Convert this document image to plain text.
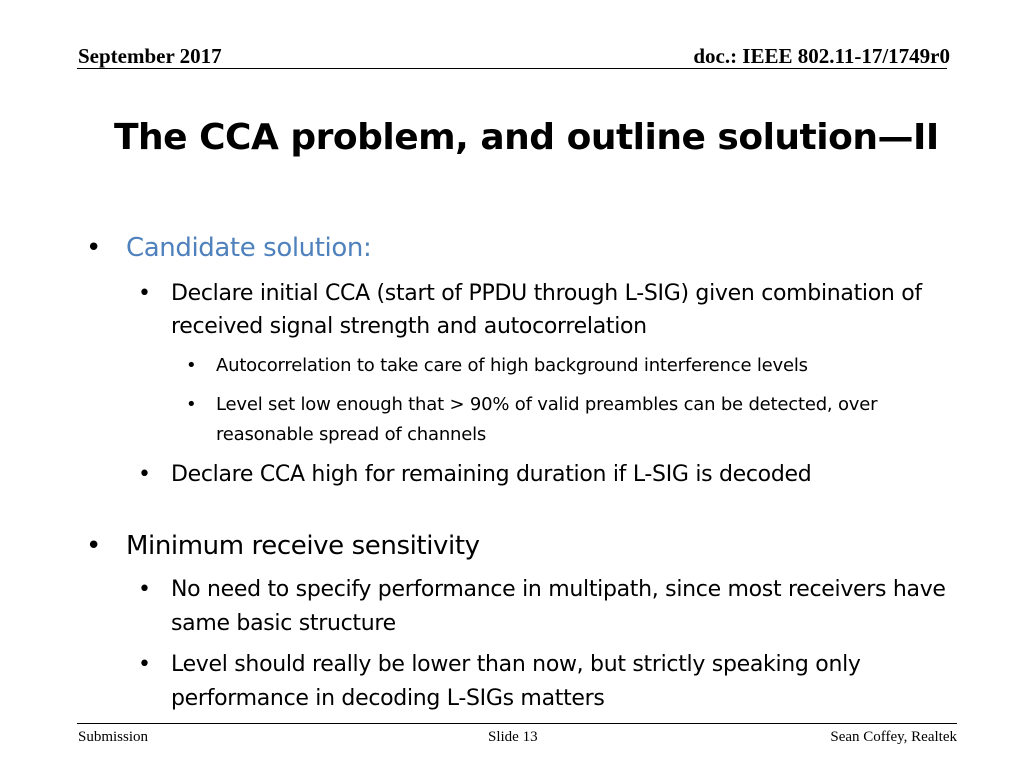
September 2017	doc.: IEEE 802.11-17/1749r0
The CCA problem, and outline solution—II
• Candidate solution:
• Declare initial CCA (start of PPDU through L-SIG) given combination of
received signal strength and autocorrelation
• Autocorrelation to take care of high background interference levels
• Level set low enough that > 90% of valid preambles can be detected, over
reasonable spread of channels
• Declare CCA high for remaining duration if L-SIG is decoded
• Minimum receive sensitivity
• No need to specify performance in multipath, since most receivers have
same basic structure
• Level should really be lower than now, but strictly speaking only
performance in decoding L-SIGs matters
Submission	Slide 13	Sean Coffey, Realtek
